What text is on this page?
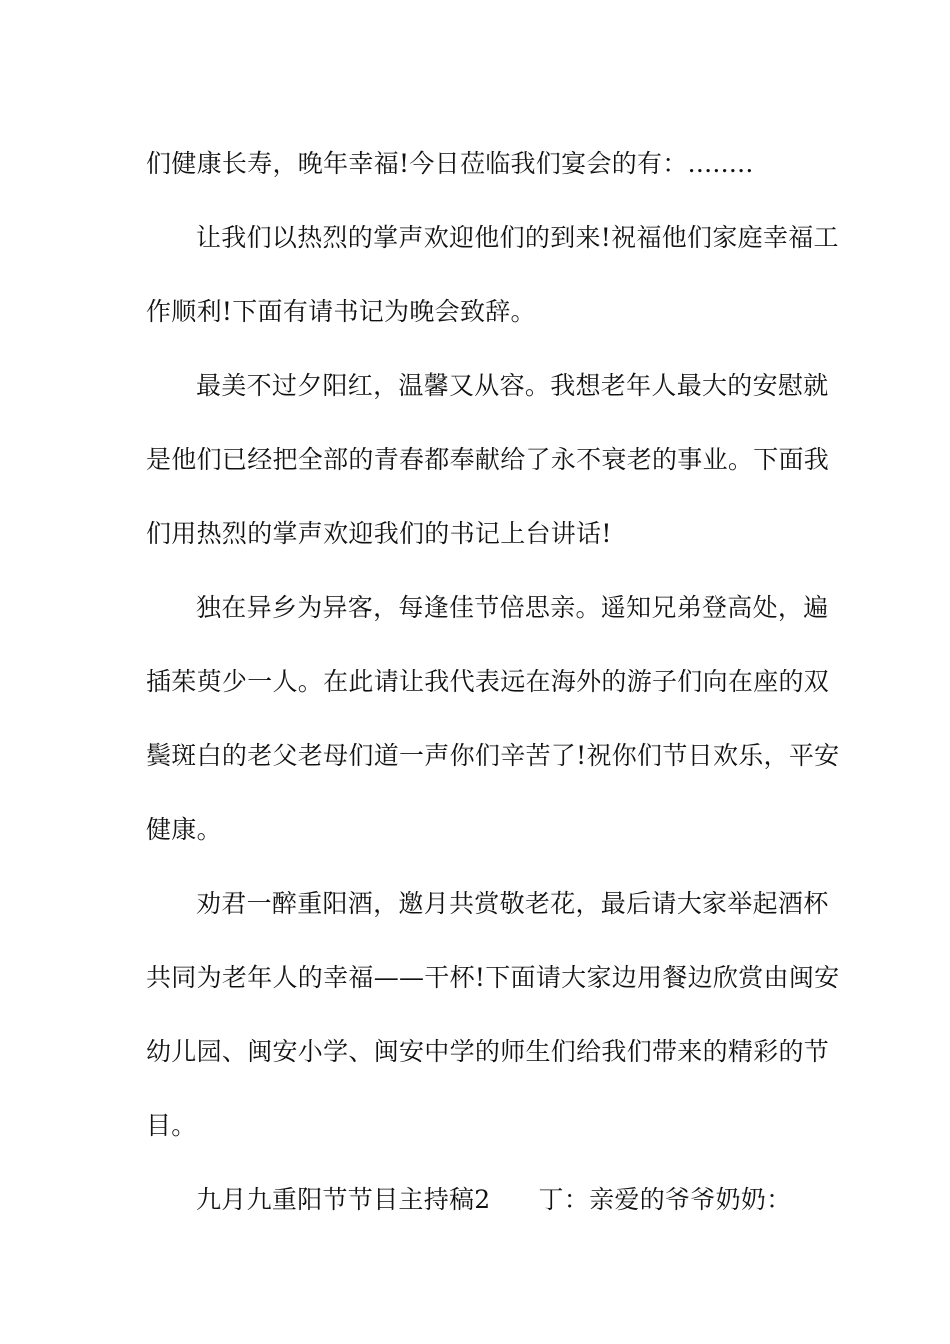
们健康长寿，晚年幸福!今日莅临我们宴会的有：........
让我们以热烈的掌声欢迎他们的到来!祝福他们家庭幸福工
作顺利!下面有请书记为晚会致辞。
最美不过夕阳红，温馨又从容。我想老年人最大的安慰就
是他们已经把全部的青春都奉献给了永不衰老的事业。下面我
们用热烈的掌声欢迎我们的书记上台讲话!
独在异乡为异客，每逢佳节倍思亲。遥知兄弟登高处，遍
插茱萸少一人。在此请让我代表远在海外的游子们向在座的双
鬓斑白的老父老母们道一声你们辛苦了!祝你们节日欢乐，平安
健康。
劝君一醉重阳酒，邀月共赏敬老花，最后请大家举起酒杯
共同为老年人的幸福——干杯!下面请大家边用餐边欣赏由闽安
幼儿园、闽安小学、闽安中学的师生们给我们带来的精彩的节
目。
九月九重阳节节目主持稿2 丁：亲爱的爷爷奶奶：
